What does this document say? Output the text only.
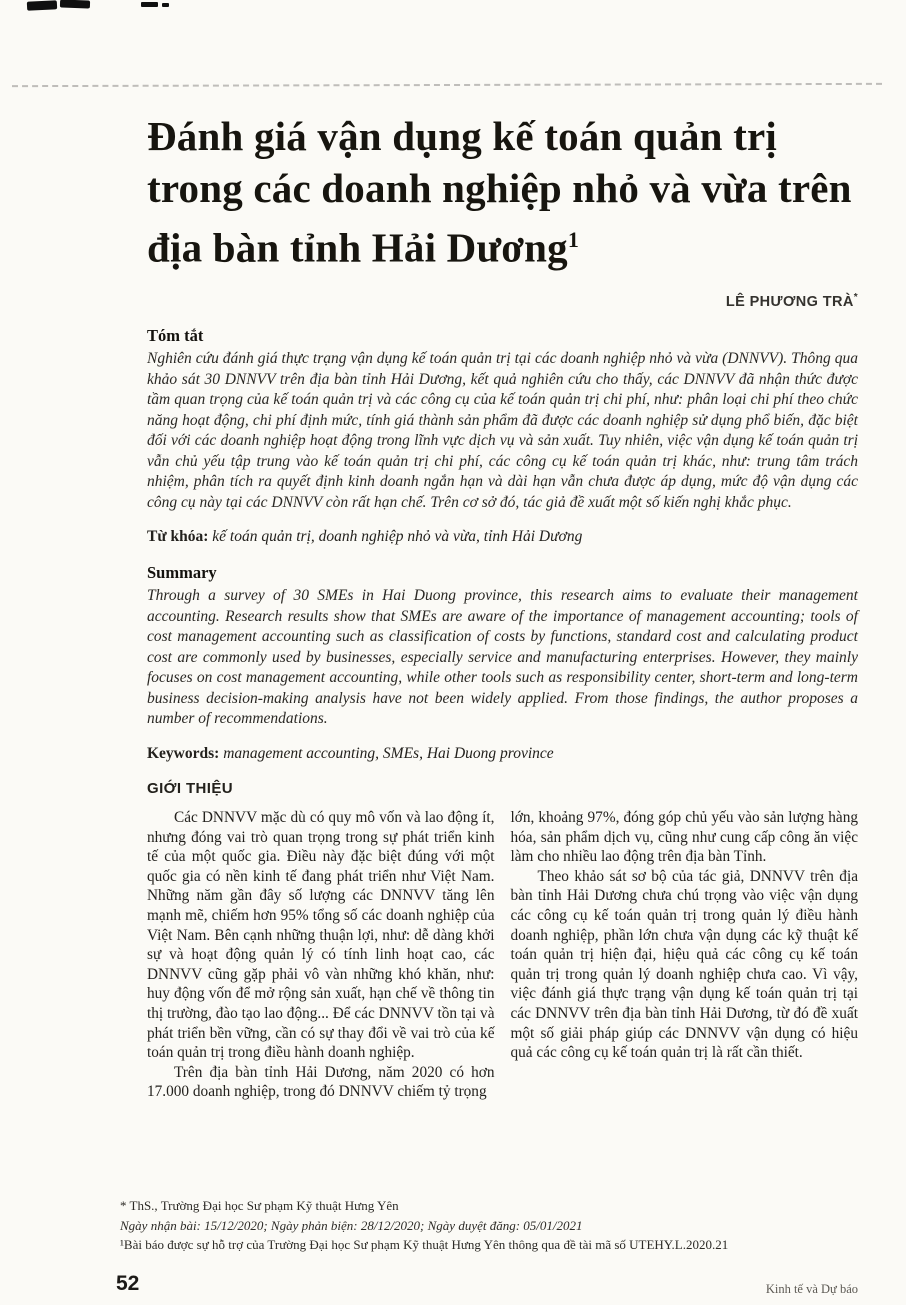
Đánh giá vận dụng kế toán quản trị trong các doanh nghiệp nhỏ và vừa trên địa bàn tỉnh Hải Dương$^1$
LÊ PHƯƠNG TRÀ*
Tóm tắt

Nghiên cứu đánh giá thực trạng vận dụng kế toán quản trị tại các doanh nghiệp nhỏ và vừa (DNNVV). Thông qua khảo sát 30 DNNVV trên địa bàn tỉnh Hải Dương, kết quả nghiên cứu cho thấy, các DNNVV đã nhận thức được tầm quan trọng của kế toán quản trị và các công cụ của kế toán quản trị chi phí, như: phân loại chi phí theo chức năng hoạt động, chi phí định mức, tính giá thành sản phẩm đã được các doanh nghiệp sử dụng phổ biến, đặc biệt đối với các doanh nghiệp hoạt động trong lĩnh vực dịch vụ và sản xuất. Tuy nhiên, việc vận dụng kế toán quản trị vẫn chủ yếu tập trung vào kế toán quản trị chi phí, các công cụ kế toán quản trị khác, như: trung tâm trách nhiệm, phân tích ra quyết định kinh doanh ngắn hạn và dài hạn vẫn chưa được áp dụng, mức độ vận dụng các công cụ này tại các DNNVV còn rất hạn chế. Trên cơ sở đó, tác giả đề xuất một số kiến nghị khắc phục.

Từ khóa: kế toán quản trị, doanh nghiệp nhỏ và vừa, tỉnh Hải Dương
Summary

Through a survey of 30 SMEs in Hai Duong province, this research aims to evaluate their management accounting. Research results show that SMEs are aware of the importance of management accounting; tools of cost management accounting such as classification of costs by functions, standard cost and calculating product cost are commonly used by businesses, especially service and manufacturing enterprises. However, they mainly focuses on cost management accounting, while other tools such as responsibility center, short-term and long-term business decision-making analysis have not been widely applied. From those findings, the author proposes a number of recommendations.

Keywords: management accounting, SMEs, Hai Duong province
GIỚI THIỆU

Các DNNVV mặc dù có quy mô vốn và lao động ít, nhưng đóng vai trò quan trọng trong sự phát triển kinh tế của một quốc gia. Điều này đặc biệt đúng với một quốc gia có nền kinh tế đang phát triển như Việt Nam. Những năm gần đây số lượng các DNNVV tăng lên mạnh mẽ, chiếm hơn 95% tổng số các doanh nghiệp của Việt Nam. Bên cạnh những thuận lợi, như: dễ dàng khởi sự và hoạt động quản lý có tính linh hoạt cao, các DNNVV cũng gặp phải vô vàn những khó khăn, như: huy động vốn để mở rộng sản xuất, hạn chế về thông tin thị trường, đào tạo lao động... Để các DNNVV tồn tại và phát triển bền vững, cần có sự thay đổi về vai trò của kế toán quản trị trong điều hành doanh nghiệp.

Trên địa bàn tỉnh Hải Dương, năm 2020 có hơn 17.000 doanh nghiệp, trong đó DNNVV chiếm tỷ trọng

lớn, khoảng 97%, đóng góp chủ yếu vào sản lượng hàng hóa, sản phẩm dịch vụ, cũng như cung cấp công ăn việc làm cho nhiều lao động trên địa bàn Tỉnh.

Theo khảo sát sơ bộ của tác giả, DNNVV trên địa bàn tỉnh Hải Dương chưa chú trọng vào việc vận dụng các công cụ kế toán quản trị trong quản lý điều hành doanh nghiệp, phần lớn chưa vận dụng các kỹ thuật kế toán quản trị hiện đại, hiệu quả các công cụ kế toán quản trị trong quản lý doanh nghiệp chưa cao. Vì vậy, việc đánh giá thực trạng vận dụng kế toán quản trị tại các DNNVV trên địa bàn tỉnh Hải Dương, từ đó đề xuất một số giải pháp giúp các DNNVV vận dụng có hiệu quả các công cụ kế toán quản trị là rất cần thiết.

* ThS., Trường Đại học Sư phạm Kỹ thuật Hưng Yên
Ngày nhận bài: 15/12/2020; Ngày phản biện: 28/12/2020; Ngày duyệt đăng: 05/01/2021
¹Bài báo được sự hỗ trợ của Trường Đại học Sư phạm Kỹ thuật Hưng Yên thông qua đề tài mã số UTEHY.L.2020.21
52	Kinh tế và Dự báo
